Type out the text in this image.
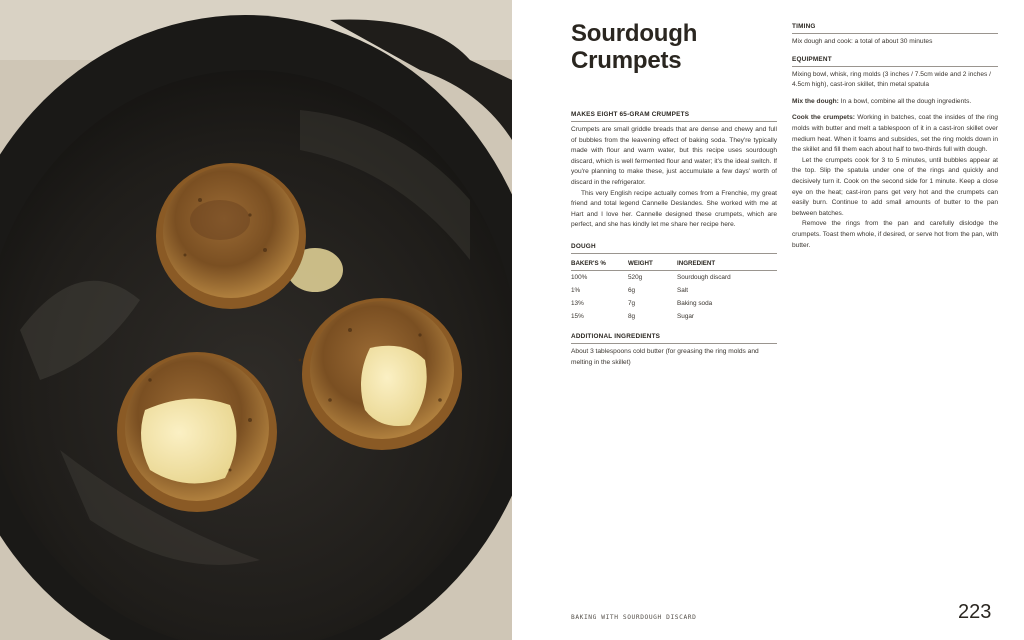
Sourdough
Crumpets
MAKES EIGHT 65-GRAM CRUMPETS

Crumpets are small griddle breads that are dense and chewy and full of bubbles from the leavening effect of baking soda. They're typically made with flour and warm water, but this recipe uses sourdough discard, which is well fermented flour and water; it's the ideal switch. If you're planning to make these, just accumulate a few days' worth of discard in the refrigerator.

This very English recipe actually comes from a Frenchie, my great friend and total legend Cannelle Deslandes. She worked with me at Hart and I love her. Cannelle designed these crumpets, which are perfect, and she has kindly let me share her recipe here.

DOUGH
BAKER'S %	WEIGHT	INGREDIENT
100%	520g	Sourdough discard
1%	6g	Salt
13%	7g	Baking soda
15%	8g	Sugar
ADDITIONAL INGREDIENTS
About 3 tablespoons cold butter (for greasing the ring molds and melting in the skillet)
TIMING
Mix dough and cook: a total of about 30 minutes
EQUIPMENT
Mixing bowl, whisk, ring molds (3 inches / 7.5cm wide and 2 inches / 4.5cm high), cast-iron skillet, thin metal spatula

Mix the dough: In a bowl, combine all the dough ingredients.

Cook the crumpets: Working in batches, coat the insides of the ring molds with butter and melt a tablespoon of it in a cast-iron skillet over medium heat. When it foams and subsides, set the ring molds down in the skillet and fill them each about half to two-thirds full with dough.

Let the crumpets cook for 3 to 5 minutes, until bubbles appear at the top. Slip the spatula under one of the rings and quickly and decisively turn it. Cook on the second side for 1 minute. Keep a close eye on the heat; cast-iron pans get very hot and the crumpets can easily burn. Continue to add small amounts of butter to the pan between batches.

Remove the rings from the pan and carefully dislodge the crumpets. Toast them whole, if desired, or serve hot from the pan, with butter.

BAKING WITH SOURDOUGH DISCARD	223
